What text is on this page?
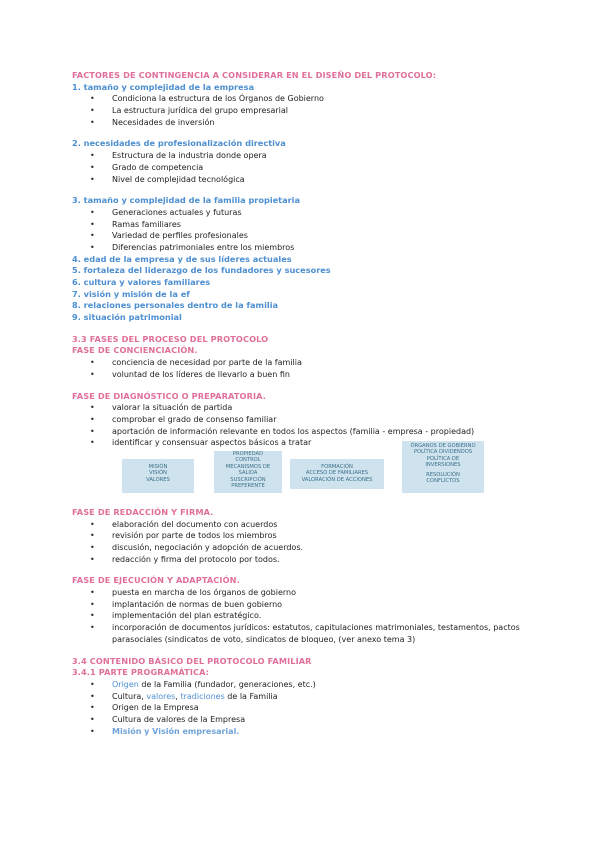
FACTORES DE CONTINGENCIA A CONSIDERAR EN EL DISEÑO DEL PROTOCOLO:
1. tamaño y complejidad de la empresa
• Condiciona la estructura de los Órganos de Gobierno
• La estructura jurídica del grupo empresarial
• Necesidades de inversión
2. necesidades de profesionalización directiva
• Estructura de la industria donde opera
• Grado de competencia
• Nivel de complejidad tecnológica
3. tamaño y complejidad de la familia propietaria
• Generaciones actuales y futuras
• Ramas familiares
• Variedad de perfiles profesionales
• Diferencias patrimoniales entre los miembros
4. edad de la empresa y de sus líderes actuales
5. fortaleza del liderazgo de los fundadores y sucesores
6. cultura y valores familiares
7. visión y misión de la ef
8. relaciones personales dentro de la familia
9. situación patrimonial
3.3 FASES DEL PROCESO DEL PROTOCOLO
FASE DE CONCIENCIACIÓN.
• conciencia de necesidad por parte de la familia
• voluntad de los líderes de llevarlo a buen fin
FASE DE DIAGNÓSTICO O PREPARATORIA.
• valorar la situación de partida
• comprobar el grado de consenso familiar
• aportación de información relevante en todos los aspectos (familia - empresa - propiedad)
• identificar y consensuar aspectos básicos a tratar
MISIÓN
VISIÓN
VALORES
PROPIEDAD
CONTROL
MECANISMOS DE
SALIDA
SUSCRIPCIÓN
PREFERENTE
FORMACIÓN
ACCESO DE FAMILIARES
VALORACIÓN DE ACCIONES
ÓRGANOS DE GOBIERNO
POLÍTICA DIVIDENDOS
POLÍTICA DE
INVERSIONES
RESOLUCIÓN
CONFLICTOS
FASE DE REDACCIÓN Y FIRMA.
• elaboración del documento con acuerdos
• revisión por parte de todos los miembros
• discusión, negociación y adopción de acuerdos.
• redacción y firma del protocolo por todos.
FASE DE EJECUCIÓN Y ADAPTACIÓN.
• puesta en marcha de los órganos de gobierno
• implantación de normas de buen gobierno
• implementación del plan estratégico.
• incorporación de documentos jurídicos: estatutos, capitulaciones matrimoniales, testamentos, pactos parasociales (sindicatos de voto, sindicatos de bloqueo, (ver anexo tema 3)
3.4 CONTENIDO BÁSICO DEL PROTOCOLO FAMILIAR
3.4.1 PARTE PROGRAMÁTICA:
• Origen de la Familia (fundador, generaciones, etc.)
• Cultura, valores, tradiciones de la Familia
• Origen de la Empresa
• Cultura de valores de la Empresa
• Misión y Visión empresarial.
